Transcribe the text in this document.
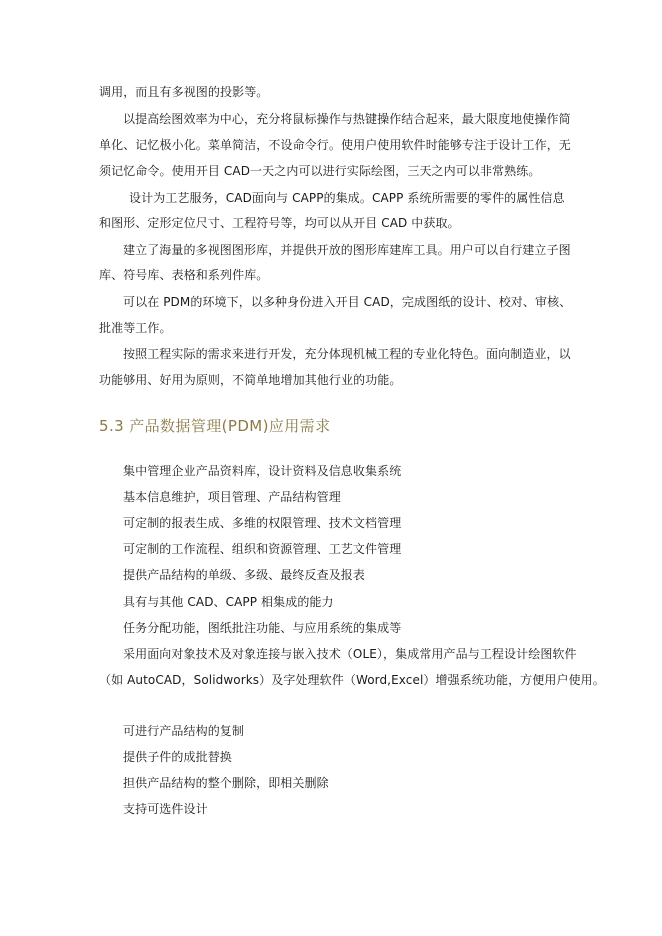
调用，而且有多视图的投影等。
以提高绘图效率为中心，充分将鼠标操作与热键操作结合起来，最大限度地使操作简
单化、记忆极小化。菜单简洁，不设命令行。使用户使用软件时能够专注于设计工作，无
须记忆命令。使用开目 CAD一天之内可以进行实际绘图，三天之内可以非常熟练。
设计为工艺服务，CAD面向与 CAPP的集成。CAPP 系统所需要的零件的属性信息
和图形、定形定位尺寸、工程符号等，均可以从开目 CAD 中获取。
建立了海量的多视图图形库，并提供开放的图形库建库工具。用户可以自行建立子图
库、符号库、表格和系列件库。
可以在 PDM的环境下，以多种身份进入开目 CAD，完成图纸的设计、校对、审核、
批准等工作。
按照工程实际的需求来进行开发，充分体现机械工程的专业化特色。面向制造业，以
功能够用、好用为原则，不简单地增加其他行业的功能。
5.3 产品数据管理(PDM)应用需求
集中管理企业产品资料库，设计资料及信息收集系统
基本信息维护，项目管理、产品结构管理
可定制的报表生成、多维的权限管理、技术文档管理
可定制的工作流程、组织和资源管理、工艺文件管理
提供产品结构的单级、多级、最终反查及报表
具有与其他 CAD、CAPP 相集成的能力
任务分配功能，图纸批注功能、与应用系统的集成等
采用面向对象技术及对象连接与嵌入技术（OLE），集成常用产品与工程设计绘图软件
（如 AutoCAD，Solidworks）及字处理软件（Word,Excel）增强系统功能，方便用户使用。
可进行产品结构的复制
提供子件的成批替换
担供产品结构的整个删除，即相关删除
支持可选件设计
